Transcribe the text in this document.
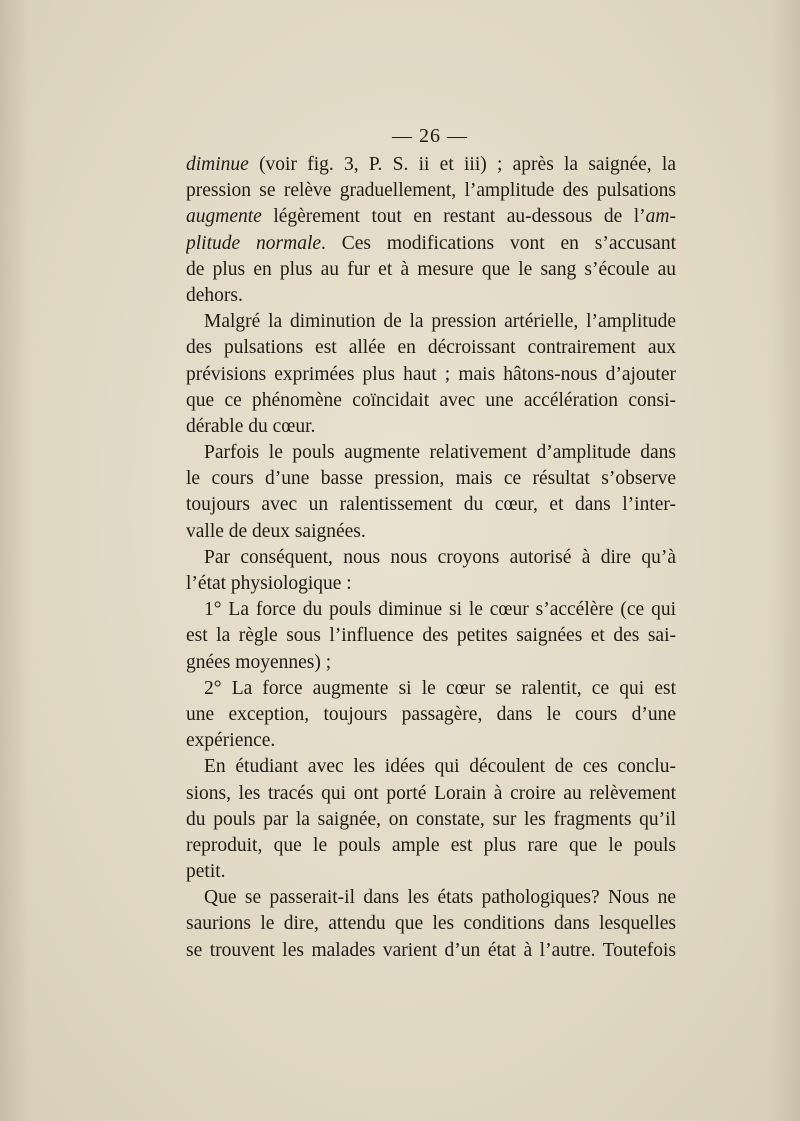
— 26 —
diminue (voir fig. 3, P. S. ii et iii) ; après la saignée, la
pression se relève graduellement, l’amplitude des pulsations
augmente légèrement tout en restant au-dessous de l’am-
plitude normale. Ces modifications vont en s’accusant
de plus en plus au fur et à mesure que le sang s’écoule au
dehors.
Malgré la diminution de la pression artérielle, l’amplitude
des pulsations est allée en décroissant contrairement aux
prévisions exprimées plus haut ; mais hâtons-nous d’ajouter
que ce phénomène coïncidait avec une accélération consi-
dérable du cœur.
Parfois le pouls augmente relativement d’amplitude dans
le cours d’une basse pression, mais ce résultat s’observe
toujours avec un ralentissement du cœur, et dans l’inter-
valle de deux saignées.
Par conséquent, nous nous croyons autorisé à dire qu’à
l’état physiologique :
1° La force du pouls diminue si le cœur s’accélère (ce qui
est la règle sous l’influence des petites saignées et des sai-
gnées moyennes) ;
2° La force augmente si le cœur se ralentit, ce qui est
une exception, toujours passagère, dans le cours d’une
expérience.
En étudiant avec les idées qui découlent de ces conclu-
sions, les tracés qui ont porté Lorain à croire au relèvement
du pouls par la saignée, on constate, sur les fragments qu’il
reproduit, que le pouls ample est plus rare que le pouls
petit.
Que se passerait-il dans les états pathologiques? Nous ne
saurions le dire, attendu que les conditions dans lesquelles
se trouvent les malades varient d’un état à l’autre. Toutefois
